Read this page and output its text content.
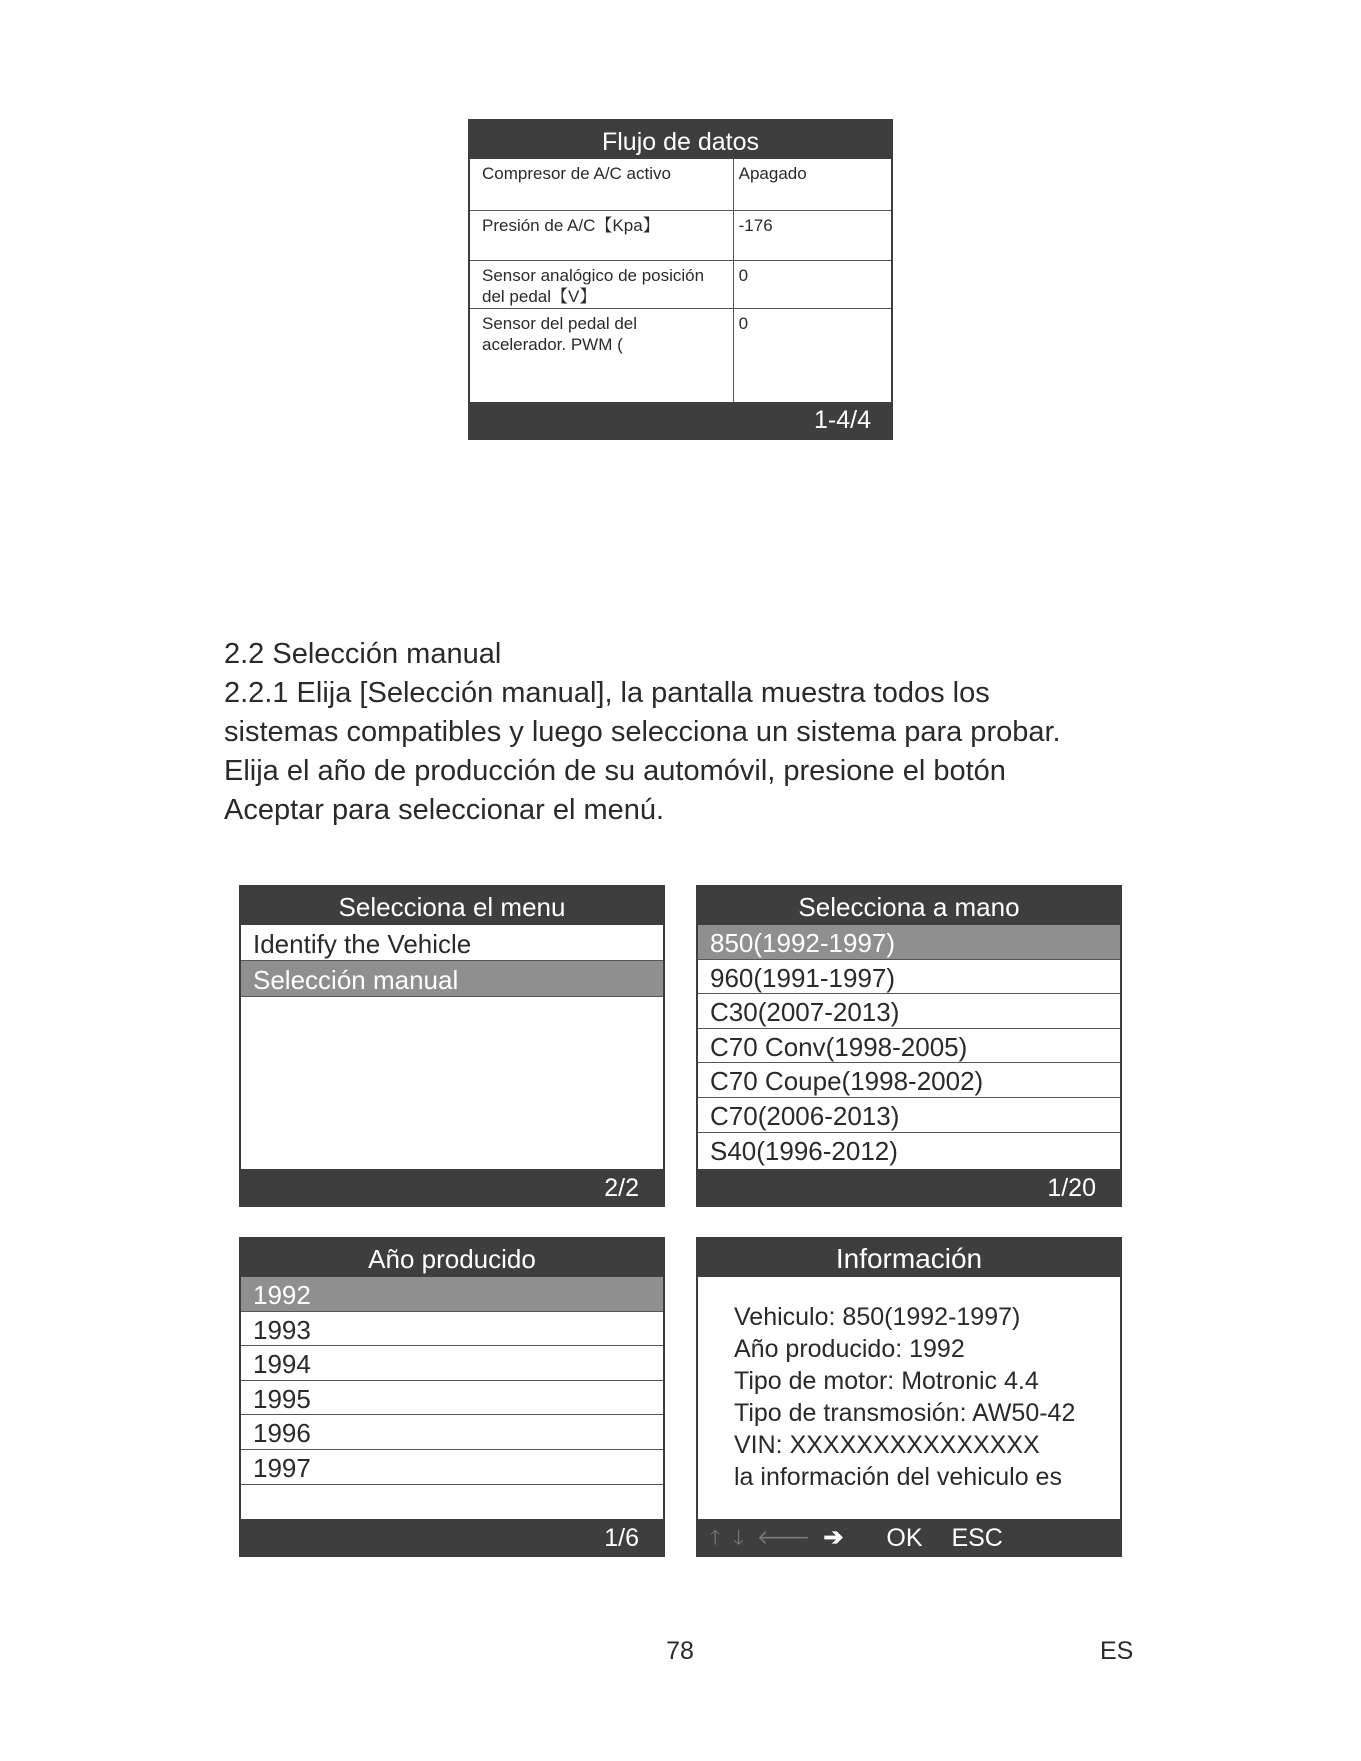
Flujo de datos
Compresor de A/C activo	Apagado
Presión de A/C【Kpa】	-176
Sensor analógico de posición del pedal【V】	0
Sensor del pedal del acelerador. PWM (	0
1-4/4
2.2 Selección manual
2.2.1 Elija [Selección manual], la pantalla muestra todos los
sistemas compatibles y luego selecciona un sistema para probar.
Elija el año de producción de su automóvil, presione el botón
Aceptar para seleccionar el menú.
Selecciona el menu
Identify the Vehicle
Selección manual
2/2
Selecciona a mano
850(1992-1997)
960(1991-1997)
C30(2007-2013)
C70 Conv(1998-2005)
C70 Coupe(1998-2002)
C70(2006-2013)
S40(1996-2012)
1/20
Año producido
1992
1993
1994
1995
1996
1997
1/6
Información
Vehiculo: 850(1992-1997)
Año producido: 1992
Tipo de motor: Motronic 4.4
Tipo de transmosión: AW50-42
VIN: XXXXXXXXXXXXXXX
la información del vehiculo es
🡑 🡓 🡐 ➔ OK ESC
78	ES
